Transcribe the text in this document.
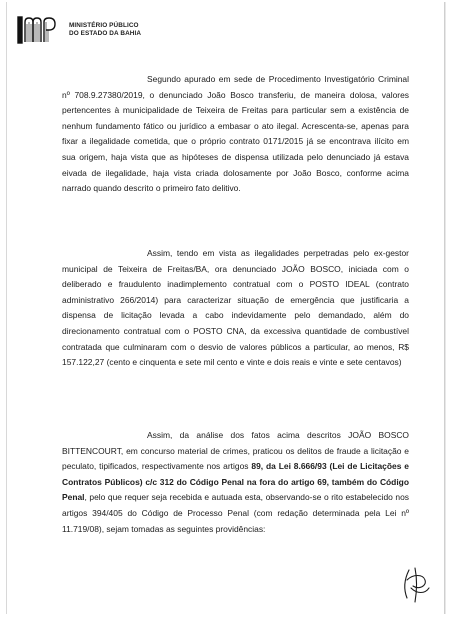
MINISTÉRIO PÚBLICO
DO ESTADO DA BAHIA

Segundo apurado em sede de Procedimento Investigatório Criminal nº 708.9.27380/2019, o denunciado João Bosco transferiu, de maneira dolosa, valores pertencentes à municipalidade de Teixeira de Freitas para particular sem a existência de nenhum fundamento fático ou jurídico a embasar o ato ilegal. Acrescenta-se, apenas para fixar a ilegalidade cometida, que o próprio contrato 0171/2015 já se encontrava ilícito em sua origem, haja vista que as hipóteses de dispensa utilizada pelo denunciado já estava eivada de ilegalidade, haja vista criada dolosamente por João Bosco, conforme acima narrado quando descrito o primeiro fato delitivo.

Assim, tendo em vista as ilegalidades perpetradas pelo ex-gestor municipal de Teixeira de Freitas/BA, ora denunciado JOÃO BOSCO, iniciada com o deliberado e fraudulento inadimplemento contratual com o POSTO IDEAL (contrato administrativo 266/2014) para caracterizar situação de emergência que justificaria a dispensa de licitação levada a cabo indevidamente pelo demandado, além do direcionamento contratual com o POSTO CNA, da excessiva quantidade de combustível contratada que culminaram com o desvio de valores públicos a particular, ao menos, R$ 157.122,27 (cento e cinquenta e sete mil cento e vinte e dois reais e vinte e sete centavos)

Assim, da análise dos fatos acima descritos JOÃO BOSCO BITTENCOURT, em concurso material de crimes, praticou os delitos de fraude a licitação e peculato, tipificados, respectivamente nos artigos 89, da Lei 8.666/93 (Lei de Licitações e Contratos Públicos) c/c 312 do Código Penal na fora do artigo 69, também do Código Penal, pelo que requer seja recebida e autuada esta, observando-se o rito estabelecido nos artigos 394/405 do Código de Processo Penal (com redação determinada pela Lei nº 11.719/08), sejam tomadas as seguintes providências:
